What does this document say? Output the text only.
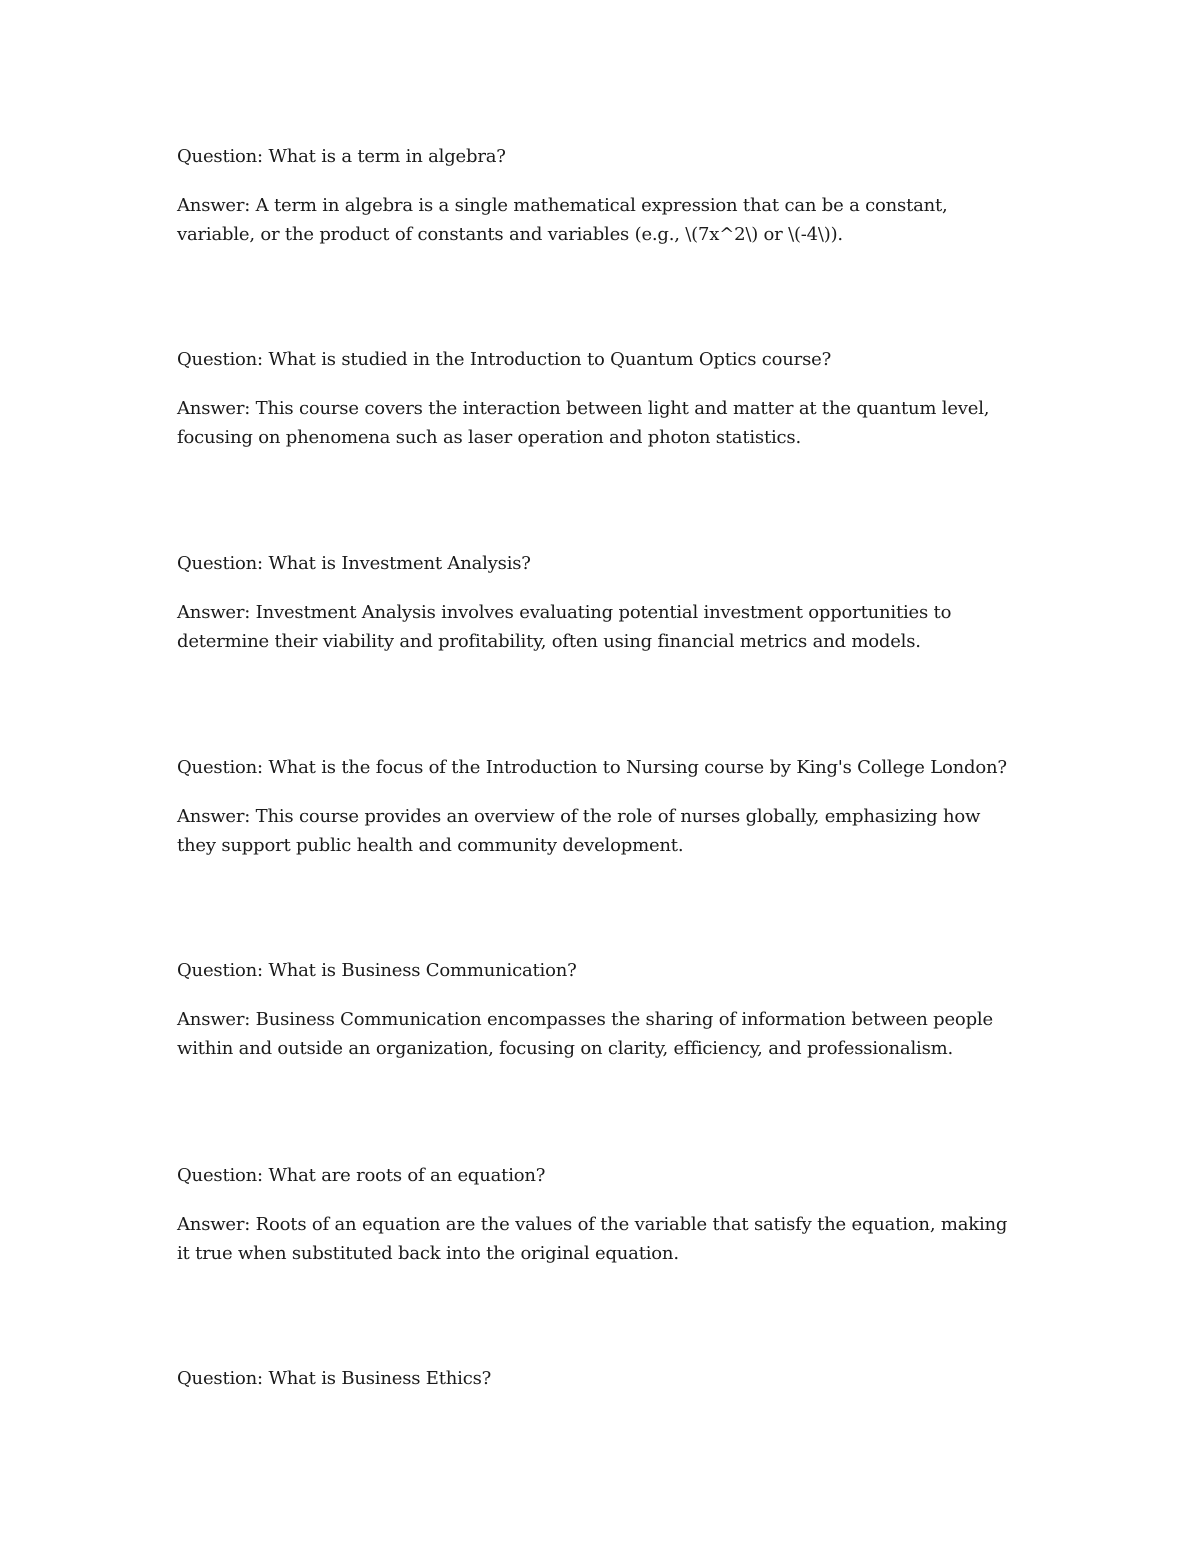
Question: What is a term in algebra?

Answer: A term in algebra is a single mathematical expression that can be a constant,

variable, or the product of constants and variables (e.g., \(7x^2\) or \(-4\)).

Question: What is studied in the Introduction to Quantum Optics course?

Answer: This course covers the interaction between light and matter at the quantum level,

focusing on phenomena such as laser operation and photon statistics.

Question: What is Investment Analysis?

Answer: Investment Analysis involves evaluating potential investment opportunities to

determine their viability and profitability, often using financial metrics and models.

Question: What is the focus of the Introduction to Nursing course by King's College London?

Answer: This course provides an overview of the role of nurses globally, emphasizing how

they support public health and community development.

Question: What is Business Communication?

Answer: Business Communication encompasses the sharing of information between people

within and outside an organization, focusing on clarity, efficiency, and professionalism.

Question: What are roots of an equation?

Answer: Roots of an equation are the values of the variable that satisfy the equation, making

it true when substituted back into the original equation.

Question: What is Business Ethics?
